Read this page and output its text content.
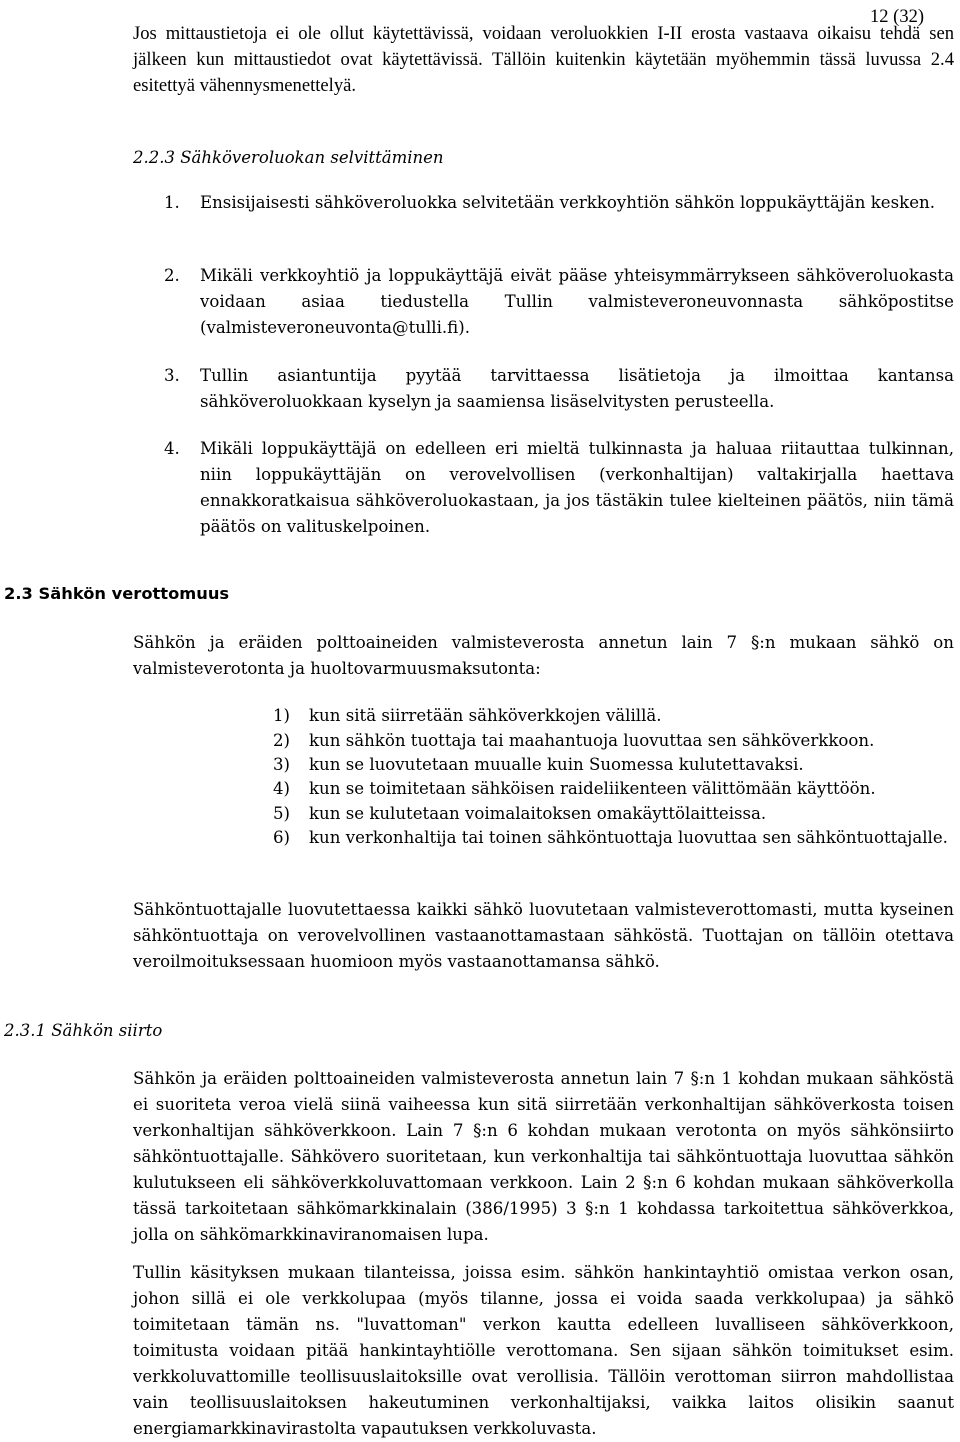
12 (32)

Jos mittaustietoja ei ole ollut käytettävissä, voidaan veroluokkien I-II erosta vastaava oikaisu tehdä sen jälkeen kun mittaustiedot ovat käytettävissä. Tällöin kuitenkin käytetään myöhemmin tässä luvussa 2.4 esitettyä vähennysmenettelyä.

2.2.3 Sähköveroluokan selvittäminen
1. Ensisijaisesti sähköveroluokka selvitetään verkkoyhtiön sähkön loppukäyttäjän kesken.
2. Mikäli verkkoyhtiö ja loppukäyttäjä eivät pääse yhteisymmärrykseen sähköveroluokasta voidaan asiaa tiedustella Tullin valmisteveroneuvonnasta sähköpostitse (valmisteveroneuvonta@tulli.fi).
3. Tullin asiantuntija pyytää tarvittaessa lisätietoja ja ilmoittaa kantansa sähköveroluokkaan kyselyn ja saamiensa lisäselvitysten perusteella.
4. Mikäli loppukäyttäjä on edelleen eri mieltä tulkinnasta ja haluaa riitauttaa tulkinnan, niin loppukäyttäjän on verovelvollisen (verkonhaltijan) valtakirjalla haettava ennakkoratkaisua sähköveroluokastaan, ja jos tästäkin tulee kielteinen päätös, niin tämä päätös on valituskelpoinen.
2.3 Sähkön verottomuus

Sähkön ja eräiden polttoaineiden valmisteverosta annetun lain 7 §:n mukaan sähkö on valmisteverotonta ja huoltovarmuusmaksutonta:

1) kun sitä siirretään sähköverkkojen välillä.
2) kun sähkön tuottaja tai maahantuoja luovuttaa sen sähköverkkoon.
3) kun se luovutetaan muualle kuin Suomessa kulutettavaksi.
4) kun se toimitetaan sähköisen raideliikenteen välittömään käyttöön.
5) kun se kulutetaan voimalaitoksen omakäyttölaitteissa.
6) kun verkonhaltija tai toinen sähköntuottaja luovuttaa sen sähköntuottajalle.

Sähköntuottajalle luovutettaessa kaikki sähkö luovutetaan valmisteverottomasti, mutta kyseinen sähköntuottaja on verovelvollinen vastaanottamastaan sähköstä. Tuottajan on tällöin otettava veroilmoituksessaan huomioon myös vastaanottamansa sähkö.

2.3.1 Sähkön siirto

Sähkön ja eräiden polttoaineiden valmisteverosta annetun lain 7 §:n 1 kohdan mukaan sähköstä ei suoriteta veroa vielä siinä vaiheessa kun sitä siirretään verkonhaltijan sähköverkosta toisen verkonhaltijan sähköverkkoon. Lain 7 §:n 6 kohdan mukaan verotonta on myös sähkönsiirto sähköntuottajalle. Sähkövero suoritetaan, kun verkonhaltija tai sähköntuottaja luovuttaa sähkön kulutukseen eli sähköverkkoluvattomaan verkkoon. Lain 2 §:n 6 kohdan mukaan sähköverkolla tässä tarkoitetaan sähkömarkkinalain (386/1995) 3 §:n 1 kohdassa tarkoitettua sähköverkkoa, jolla on sähkömarkkinaviranomaisen lupa.

Tullin käsityksen mukaan tilanteissa, joissa esim. sähkön hankintayhtiö omistaa verkon osan, johon sillä ei ole verkkolupaa (myös tilanne, jossa ei voida saada verkkolupaa) ja sähkö toimitetaan tämän ns. "luvattoman" verkon kautta edelleen luvalliseen sähköverkkoon, toimitusta voidaan pitää hankintayhtiölle verottomana. Sen sijaan sähkön toimitukset esim. verkkoluvattomille teollisuuslaitoksille ovat verollisia. Tällöin verottoman siirron mahdollistaa vain teollisuuslaitoksen hakeutuminen verkonhaltijaksi, vaikka laitos olisikin saanut energiamarkkinavirastolta vapautuksen verkkoluvasta.
